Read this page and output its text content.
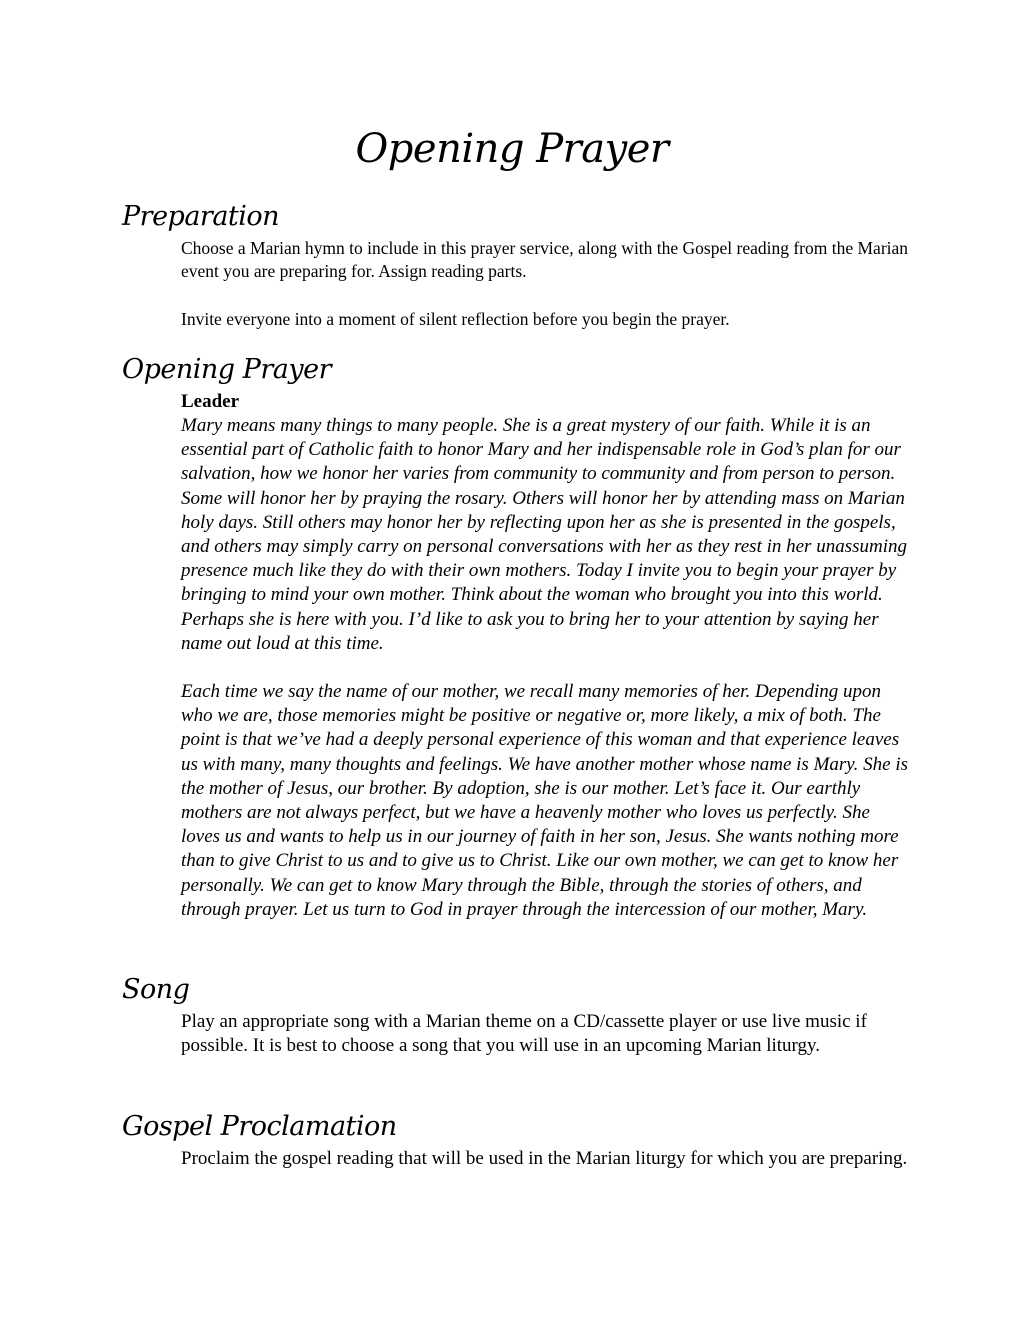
Opening Prayer
Preparation

Choose a Marian hymn to include in this prayer service, along with the Gospel reading from the Marian event you are preparing for. Assign reading parts.

Invite everyone into a moment of silent reflection before you begin the prayer.

Opening Prayer

Leader

Mary means many things to many people. She is a great mystery of our faith. While it is an essential part of Catholic faith to honor Mary and her indispensable role in God’s plan for our salvation, how we honor her varies from community to community and from person to person. Some will honor her by praying the rosary. Others will honor her by attending mass on Marian holy days. Still others may honor her by reflecting upon her as she is presented in the gospels, and others may simply carry on personal conversations with her as they rest in her unassuming presence much like they do with their own mothers. Today I invite you to begin your prayer by bringing to mind your own mother. Think about the woman who brought you into this world. Perhaps she is here with you. I’d like to ask you to bring her to your attention by saying her name out loud at this time.

Each time we say the name of our mother, we recall many memories of her. Depending upon who we are, those memories might be positive or negative or, more likely, a mix of both. The point is that we’ve had a deeply personal experience of this woman and that experience leaves us with many, many thoughts and feelings. We have another mother whose name is Mary. She is the mother of Jesus, our brother. By adoption, she is our mother. Let’s face it. Our earthly mothers are not always perfect, but we have a heavenly mother who loves us perfectly. She loves us and wants to help us in our journey of faith in her son, Jesus. She wants nothing more than to give Christ to us and to give us to Christ. Like our own mother, we can get to know her personally. We can get to know Mary through the Bible, through the stories of others, and through prayer. Let us turn to God in prayer through the intercession of our mother, Mary.

Song

Play an appropriate song with a Marian theme on a CD/cassette player or use live music if possible. It is best to choose a song that you will use in an upcoming Marian liturgy.

Gospel Proclamation

Proclaim the gospel reading that will be used in the Marian liturgy for which you are preparing.
